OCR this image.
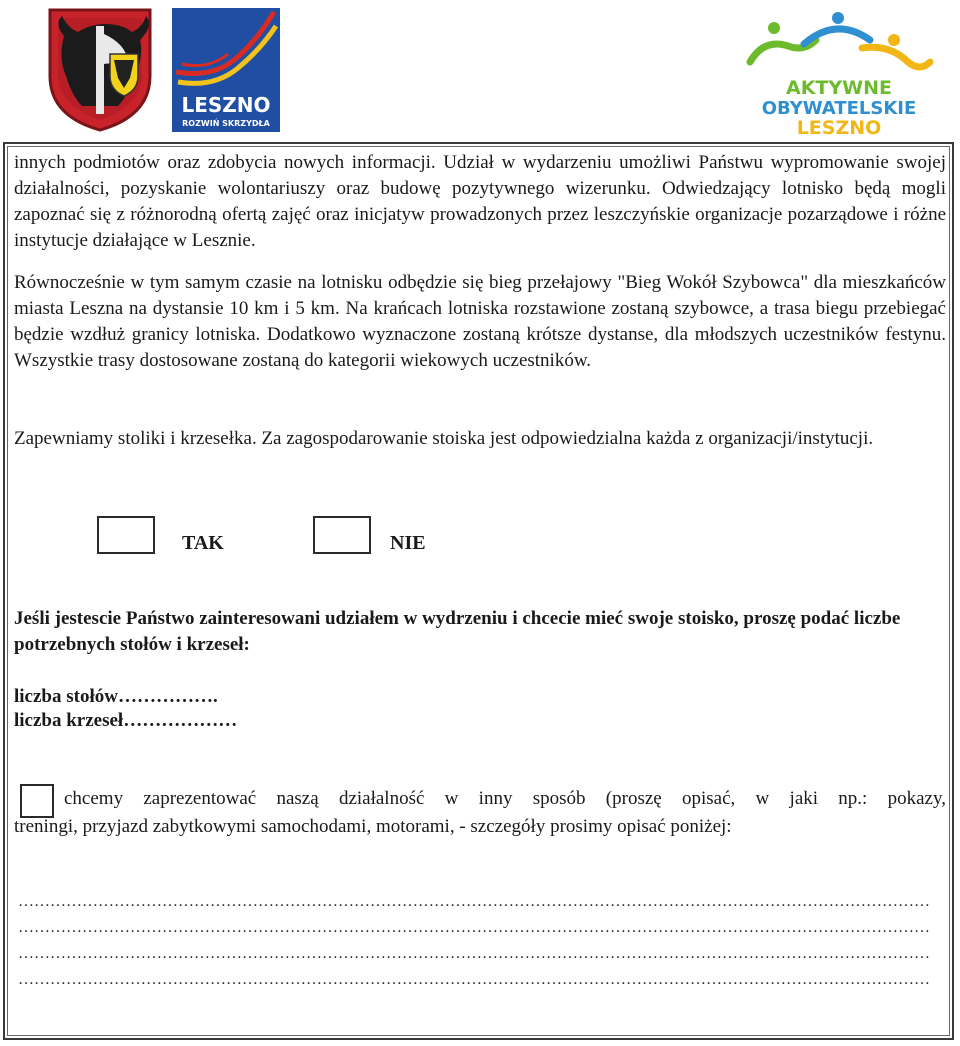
LESZNO
ROZWIŃ SKRZYDŁA
AKTYWNE
OBYWATELSKIE
LESZNO

innych podmiotów oraz zdobycia nowych informacji. Udział w wydarzeniu umożliwi Państwu wypromowanie swojej działalności, pozyskanie wolontariuszy oraz budowę pozytywnego wizerunku. Odwiedzający lotnisko będą mogli zapoznać się z różnorodną ofertą zajęć oraz inicjatyw prowadzonych przez leszczyńskie organizacje pozarządowe i różne instytucje działające w Lesznie.

Równocześnie w tym samym czasie na lotnisku odbędzie się bieg przełajowy "Bieg Wokół Szybowca" dla mieszkańców miasta Leszna na dystansie 10 km i 5 km. Na krańcach lotniska rozstawione zostaną szybowce, a trasa biegu przebiegać będzie wzdłuż granicy lotniska. Dodatkowo wyznaczone zostaną krótsze dystanse, dla młodszych uczestników festynu. Wszystkie trasy dostosowane zostaną do kategorii wiekowych uczestników.

Zapewniamy stoliki i krzesełka. Za zagospodarowanie stoiska jest odpowiedzialna każda z organizacji/instytucji.

TAK	NIE

Jeśli jestescie Państwo zainteresowani udziałem w wydrzeniu i chcecie mieć swoje stoisko, proszę podać liczbe potrzebnych stołów i krzeseł:

liczba stołów…………….
liczba krzeseł………………
chcemy zaprezentować naszą działalność w inny sposób (proszę opisać, w jaki np.: pokazy,
treningi, przyjazd zabytkowymi samochodami, motorami, - szczegóły prosimy opisać poniżej:
………………………………………………………………………………………………………………………………………………………
………………………………………………………………………………………………………………………………………………………
………………………………………………………………………………………………………………………………………………………
………………………………………………………………………………………………………………………………………………………
